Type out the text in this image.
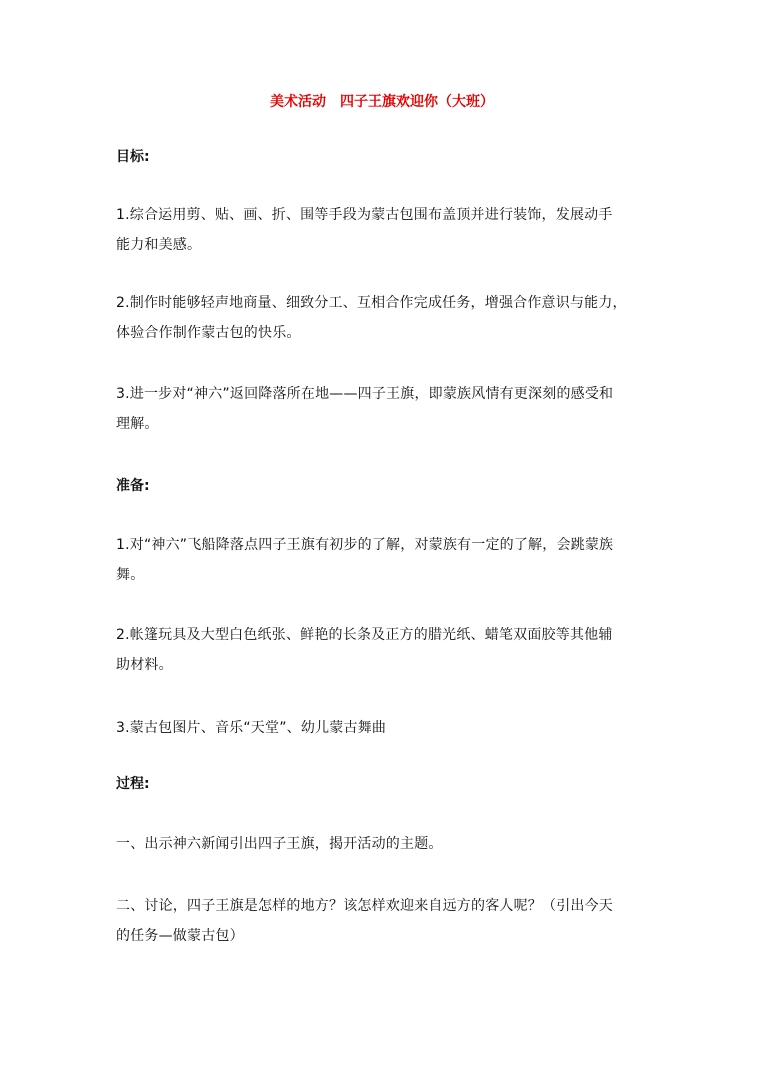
美术活动　四子王旗欢迎你（大班）
目标:
1.综合运用剪、贴、画、折、围等手段为蒙古包围布盖顶并进行装饰，发展动手
能力和美感。
2.制作时能够轻声地商量、细致分工、互相合作完成任务，增强合作意识与能力，
体验合作制作蒙古包的快乐。
3.进一步对“神六”返回降落所在地——四子王旗，即蒙族风情有更深刻的感受和
理解。
准备:
1.对“神六”飞船降落点四子王旗有初步的了解，对蒙族有一定的了解，会跳蒙族
舞。
2.帐篷玩具及大型白色纸张、鲜艳的长条及正方的腊光纸、蜡笔双面胶等其他辅
助材料。
3.蒙古包图片、音乐“天堂”、幼儿蒙古舞曲
过程:
一、出示神六新闻引出四子王旗，揭开活动的主题。
二、讨论，四子王旗是怎样的地方？该怎样欢迎来自远方的客人呢？（引出今天
的任务—做蒙古包）
